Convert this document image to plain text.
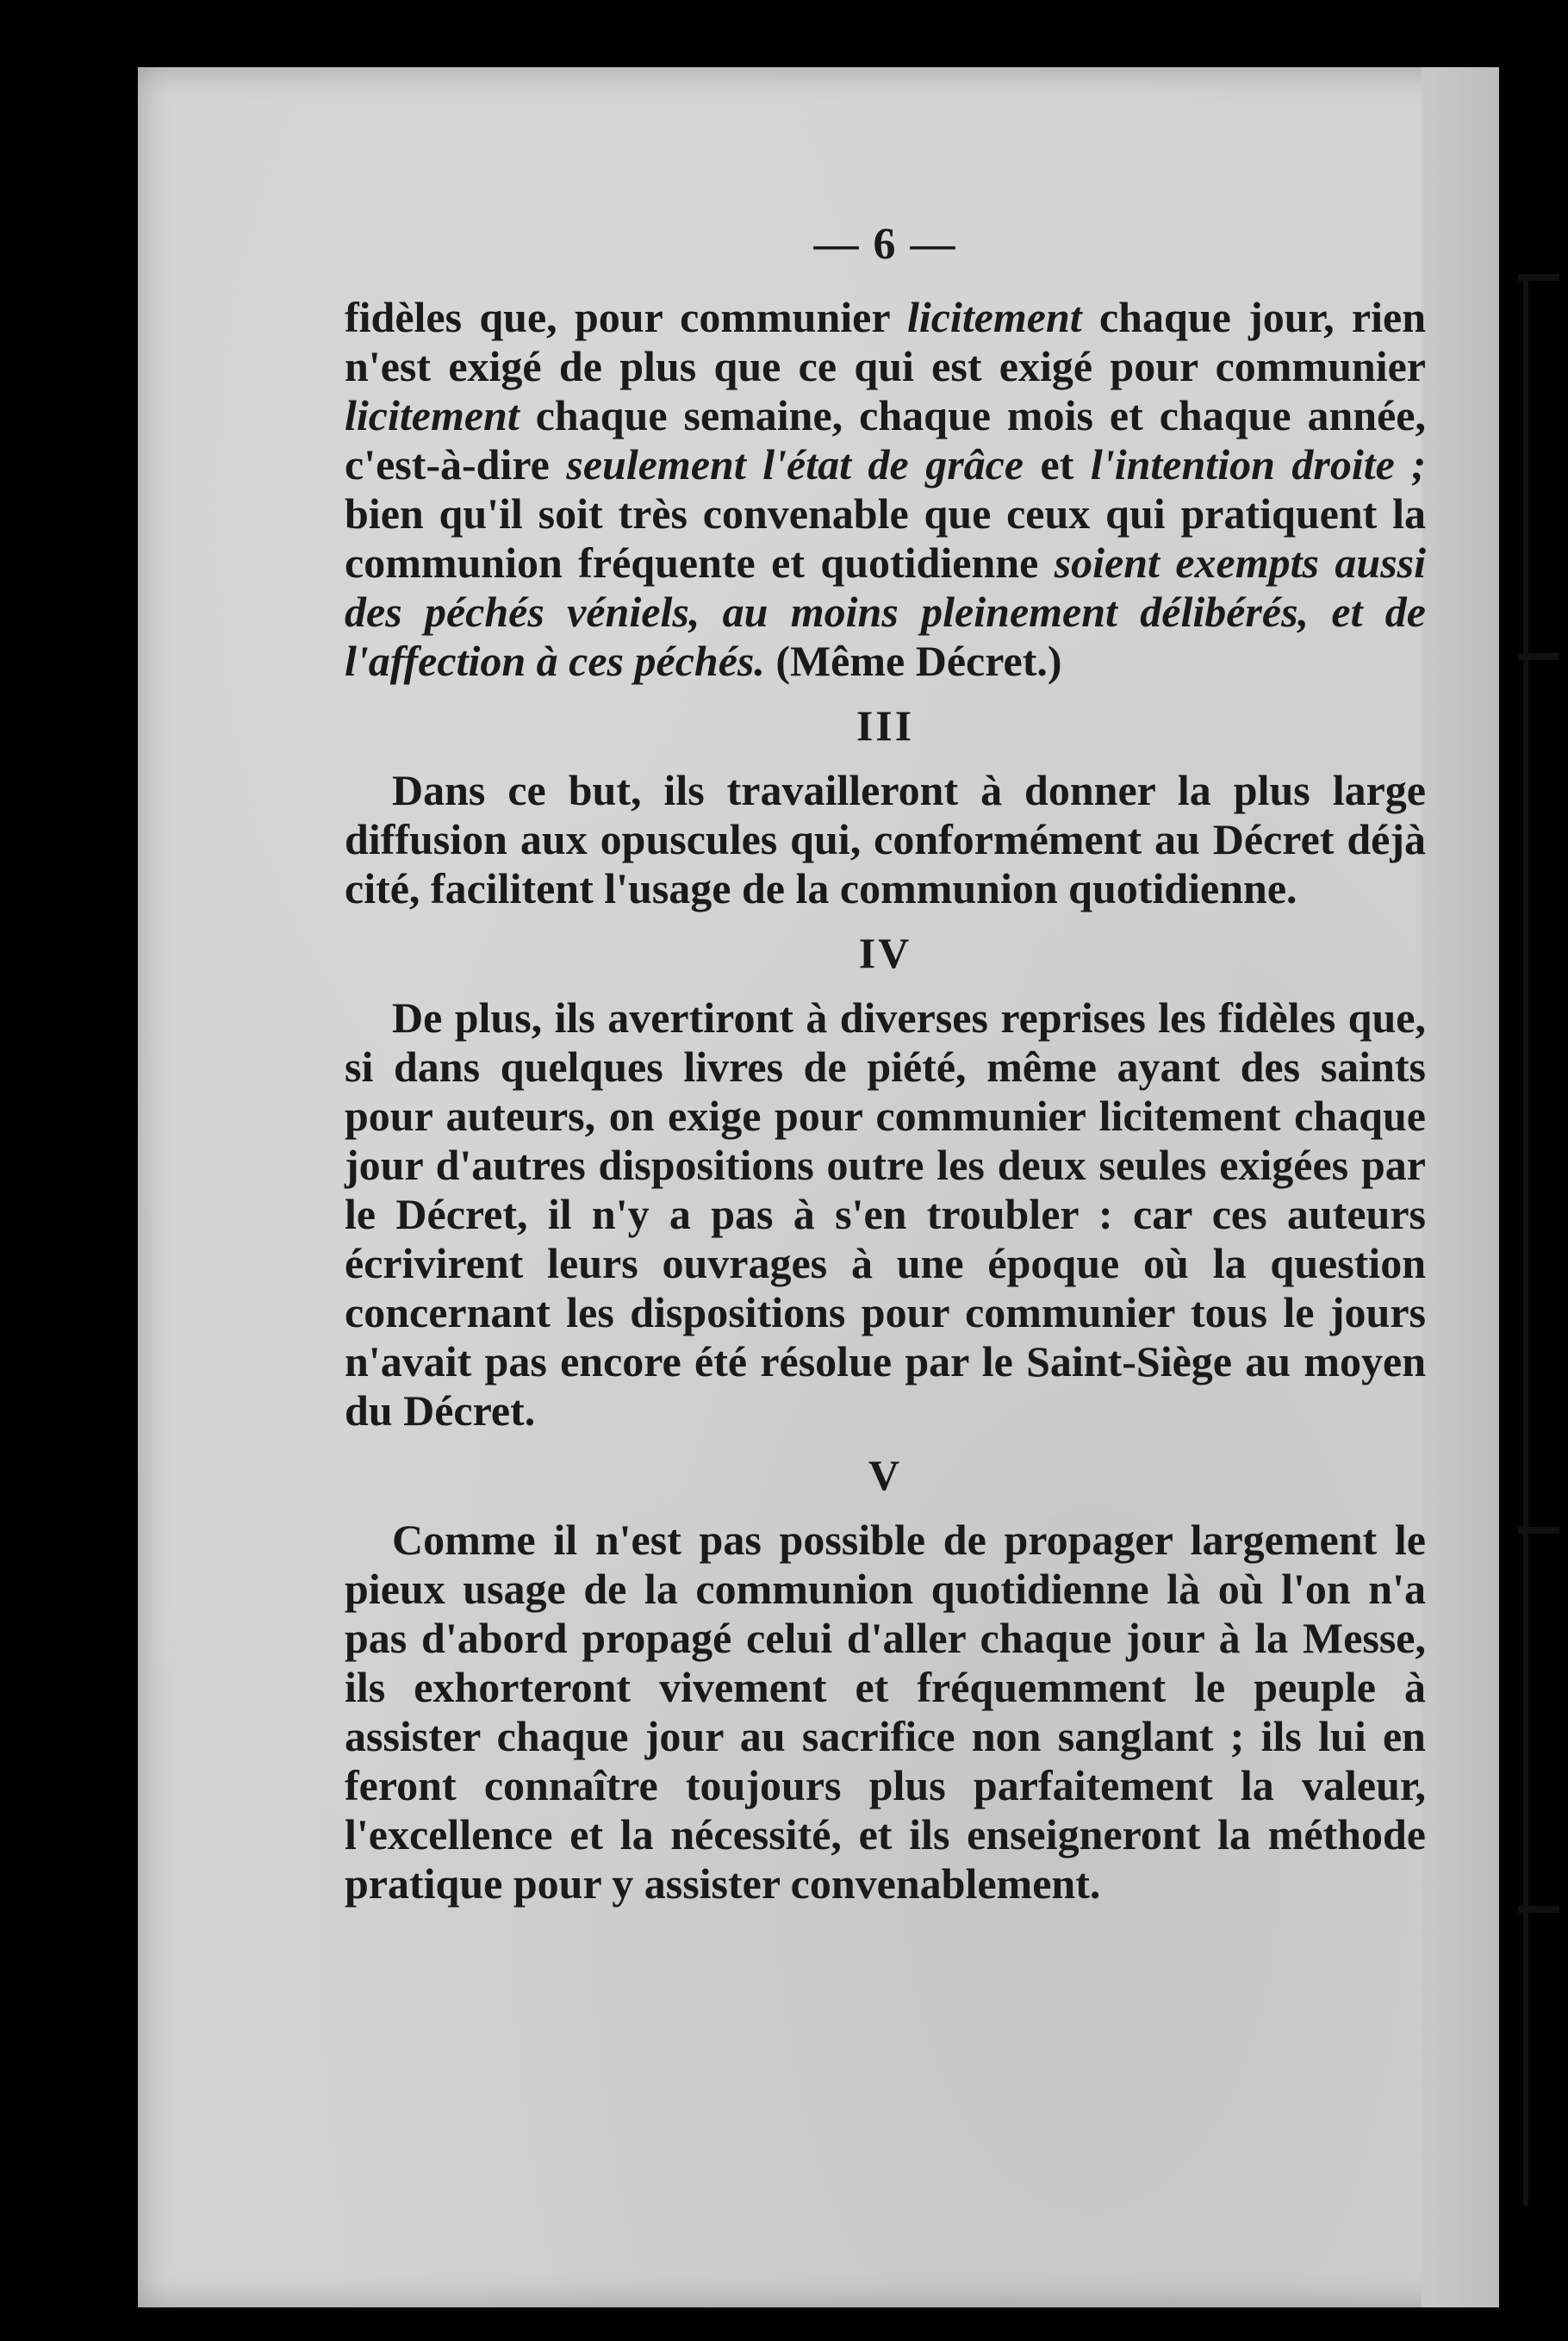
— 6 —

fidèles que, pour communier licitement chaque jour, rien n'est exigé de plus que ce qui est exigé pour communier licitement chaque semaine, chaque mois et chaque année, c'est-à-dire seulement l'état de grâce et l'intention droite ; bien qu'il soit très convenable que ceux qui pratiquent la communion fréquente et quotidienne soient exempts aussi des péchés véniels, au moins pleinement délibérés, et de l'affection à ces péchés. (Même Décret.)

III

Dans ce but, ils travailleront à donner la plus large diffusion aux opuscules qui, conformément au Décret déjà cité, facilitent l'usage de la communion quotidienne.

IV

De plus, ils avertiront à diverses reprises les fidèles que, si dans quelques livres de piété, même ayant des saints pour auteurs, on exige pour communier licitement chaque jour d'autres dispositions outre les deux seules exigées par le Décret, il n'y a pas à s'en troubler : car ces auteurs écrivirent leurs ouvrages à une époque où la question concernant les dispositions pour communier tous le jours n'avait pas encore été résolue par le Saint-Siège au moyen du Décret.

V

Comme il n'est pas possible de propager largement le pieux usage de la communion quotidienne là où l'on n'a pas d'abord propagé celui d'aller chaque jour à la Messe, ils exhorteront vivement et fréquemment le peuple à assister chaque jour au sacrifice non sanglant ; ils lui en feront connaître toujours plus parfaitement la valeur, l'excellence et la nécessité, et ils enseigneront la méthode pratique pour y assister convenablement.
